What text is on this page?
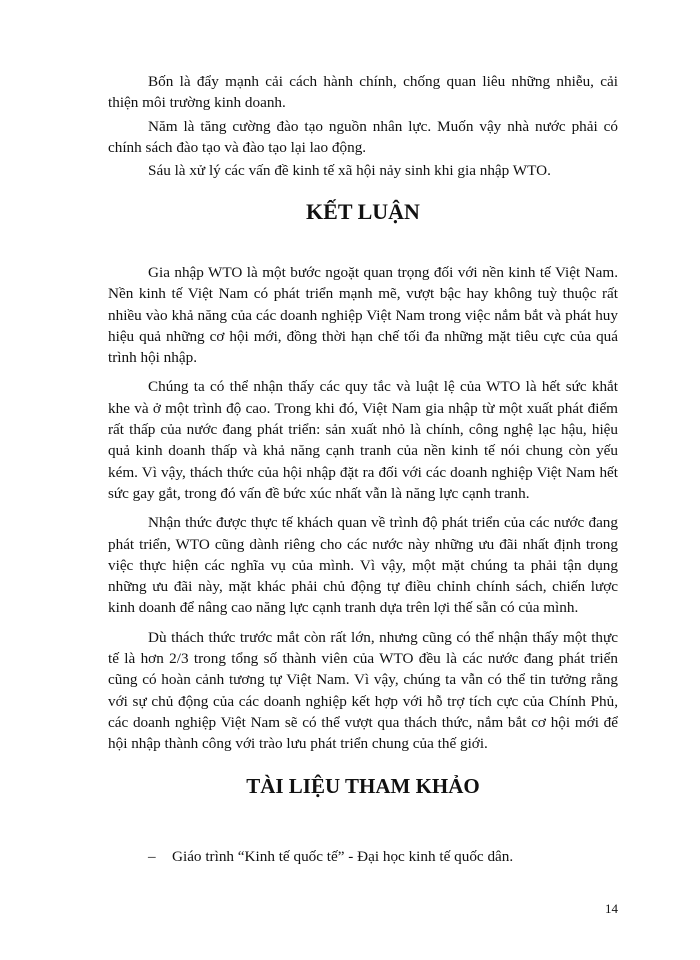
Bốn là đẩy mạnh cải cách hành chính, chống quan liêu những nhiễu, cải thiện môi trường kinh doanh.

Năm là tăng cường đào tạo nguồn nhân lực. Muốn vậy nhà nước phải có chính sách đào tạo và đào tạo lại lao động.

Sáu là xử lý các vấn đề kinh tế xã hội nảy sinh khi gia nhập WTO.

KẾT LUẬN

Gia nhập WTO là một bước ngoặt quan trọng đối với nền kinh tế Việt Nam. Nền kinh tế Việt Nam có phát triển mạnh mẽ, vượt bậc hay không tuỳ thuộc rất nhiều vào khả năng của các doanh nghiệp Việt Nam trong việc nắm bắt và phát huy hiệu quả những cơ hội mới, đồng thời hạn chế tối đa những mặt tiêu cực của quá trình hội nhập.

Chúng ta có thể nhận thấy các quy tắc và luật lệ của WTO là hết sức khắt khe và ở một trình độ cao. Trong khi đó, Việt Nam gia nhập từ một xuất phát điểm rất thấp của nước đang phát triển: sản xuất nhỏ là chính, công nghệ lạc hậu, hiệu quả kinh doanh thấp và khả năng cạnh tranh của nền kinh tế nói chung còn yếu kém. Vì vậy, thách thức của hội nhập đặt ra đối với các doanh nghiệp Việt Nam hết sức gay gắt, trong đó vấn đề bức xúc nhất vẫn là năng lực cạnh tranh.

Nhận thức được thực tế khách quan về trình độ phát triển của các nước đang phát triển, WTO cũng dành riêng cho các nước này những ưu đãi nhất định trong việc thực hiện các nghĩa vụ của mình. Vì vậy, một mặt chúng ta phải tận dụng những ưu đãi này, mặt khác phải chủ động tự điều chỉnh chính sách, chiến lược kinh doanh để nâng cao năng lực cạnh tranh dựa trên lợi thế sẵn có của mình.

Dù thách thức trước mắt còn rất lớn, nhưng cũng có thể nhận thấy một thực tế là hơn 2/3 trong tổng số thành viên của WTO đều là các nước đang phát triển cũng có hoàn cảnh tương tự Việt Nam. Vì vậy, chúng ta vẫn có thể tin tưởng rằng với sự chủ động của các doanh nghiệp kết hợp với hỗ trợ tích cực của Chính Phủ, các doanh nghiệp Việt Nam sẽ có thể vượt qua thách thức, nắm bắt cơ hội mới để hội nhập thành công với trào lưu phát triển chung của thế giới.

TÀI LIỆU THAM KHẢO
–	Giáo trình “Kinh tế quốc tế” - Đại học kinh tế quốc dân.
14
